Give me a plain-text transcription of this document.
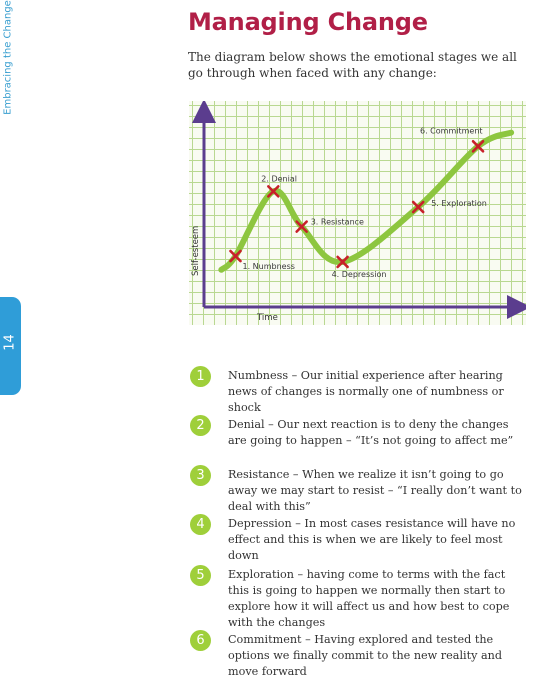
Embracing the Change
14
Managing Change

The diagram below shows the emotional stages we all go through when faced with any change:

1. Numbness
2. Denial
3. Resistance
4. Depression
5. Exploration
6. Commitment
Self-esteem
Time
1	Numbness – Our initial experience after hearing news of changes is normally one of numbness or shock

2	Denial – Our next reaction is to deny the changes are going to happen – “It’s not going to affect me”

3	Resistance – When we realize it isn’t going to go away we may start to resist – “I really don’t want to deal with this”

4	Depression – In most cases resistance will have no effect and this is when we are likely to feel most down

5	Exploration – having come to terms with the fact this is going to happen we normally then start to explore how it will affect us and how best to cope with the changes

6	Commitment – Having explored and tested the options we finally commit to the new reality and move forward
